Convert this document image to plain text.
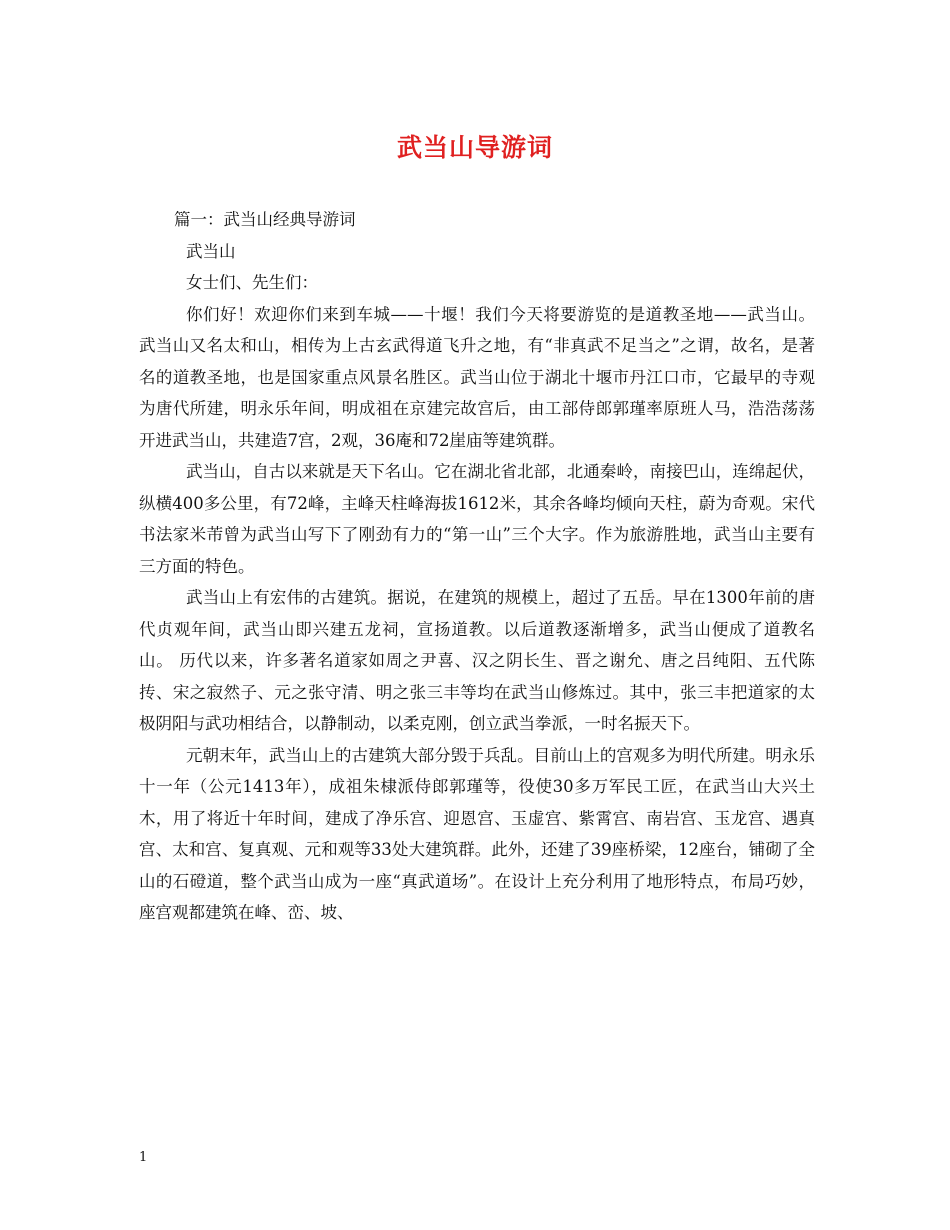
武当山导游词

篇一：武当山经典导游词

武当山

女士们、先生们：

你们好！欢迎你们来到车城——十堰！我们今天将要游览的是道教圣地——武当山。 武当山又名太和山，相传为上古玄武得道飞升之地，有“非真武不足当之”之谓，故名，是著名的道教圣地，也是国家重点风景名胜区。武当山位于湖北十堰市丹江口市，它最早的寺观为唐代所建，明永乐年间，明成祖在京建完故宫后，由工部侍郎郭瑾率原班人马，浩浩荡荡开进武当山，共建造7宫，2观，36庵和72崖庙等建筑群。

武当山，自古以来就是天下名山。它在湖北省北部，北通秦岭，南接巴山，连绵起伏，纵横400多公里，有72峰，主峰天柱峰海拔1612米，其余各峰均倾向天柱，蔚为奇观。宋代书法家米芾曾为武当山写下了刚劲有力的“第一山”三个大字。作为旅游胜地，武当山主要有三方面的特色。

武当山上有宏伟的古建筑。据说，在建筑的规模上，超过了五岳。早在1300年前的唐代贞观年间，武当山即兴建五龙祠，宣扬道教。以后道教逐渐增多，武当山便成了道教名山。 历代以来，许多著名道家如周之尹喜、汉之阴长生、晋之谢允、唐之吕纯阳、五代陈抟、宋之寂然子、元之张守清、明之张三丰等均在武当山修炼过。其中，张三丰把道家的太极阴阳与武功相结合，以静制动，以柔克刚，创立武当拳派，一时名振天下。

元朝末年，武当山上的古建筑大部分毁于兵乱。目前山上的宫观多为明代所建。明永乐十一年（公元1413年），成祖朱棣派侍郎郭瑾等，役使30多万军民工匠，在武当山大兴土木，用了将近十年时间，建成了净乐宫、迎恩宫、玉虚宫、紫霄宫、南岩宫、玉龙宫、遇真宫、太和宫、复真观、元和观等33处大建筑群。此外，还建了39座桥梁，12座台，铺砌了全山的石磴道，整个武当山成为一座“真武道场”。在设计上充分利用了地形特点，布局巧妙，座宫观都建筑在峰、峦、坡、

1
